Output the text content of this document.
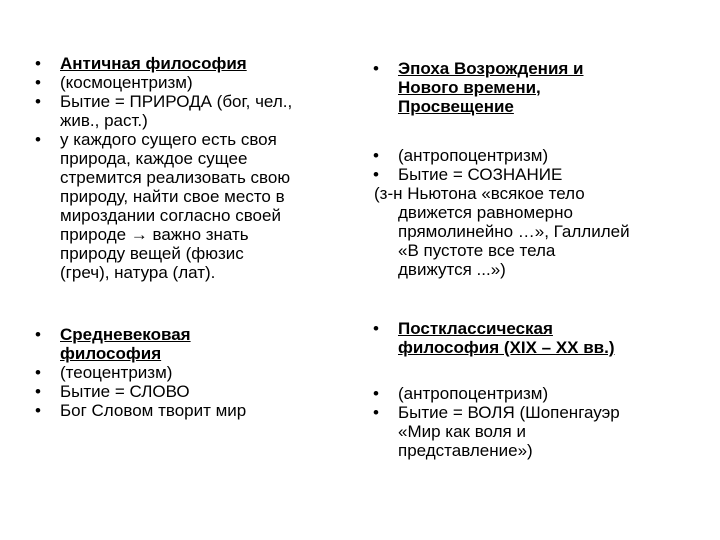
• Античная философия
• (космоцентризм)
• Бытие = ПРИРОДА (бог, чел.,
жив., раст.)
• у каждого сущего есть своя
природа, каждое сущее
стремится реализовать свою
природу, найти свое место в
мироздании согласно своей
природе → важно знать
природу вещей (фюзис
(греч), натура (лат).
• Средневековая
философия
• (теоцентризм)
• Бытие = СЛОВО
• Бог Словом творит мир
• Эпоха Возрождения и
Нового времени,
Просвещение
• (антропоцентризм)
• Бытие = СОЗНАНИЕ
(з-н Ньютона «всякое тело
движется равномерно
прямолинейно …», Галлилей
«В пустоте все тела
движутся ...»)
• Постклассическая
философия (XIX – XX вв.)
• (антропоцентризм)
• Бытие = ВОЛЯ (Шопенгауэр
«Мир как воля и
представление»)
